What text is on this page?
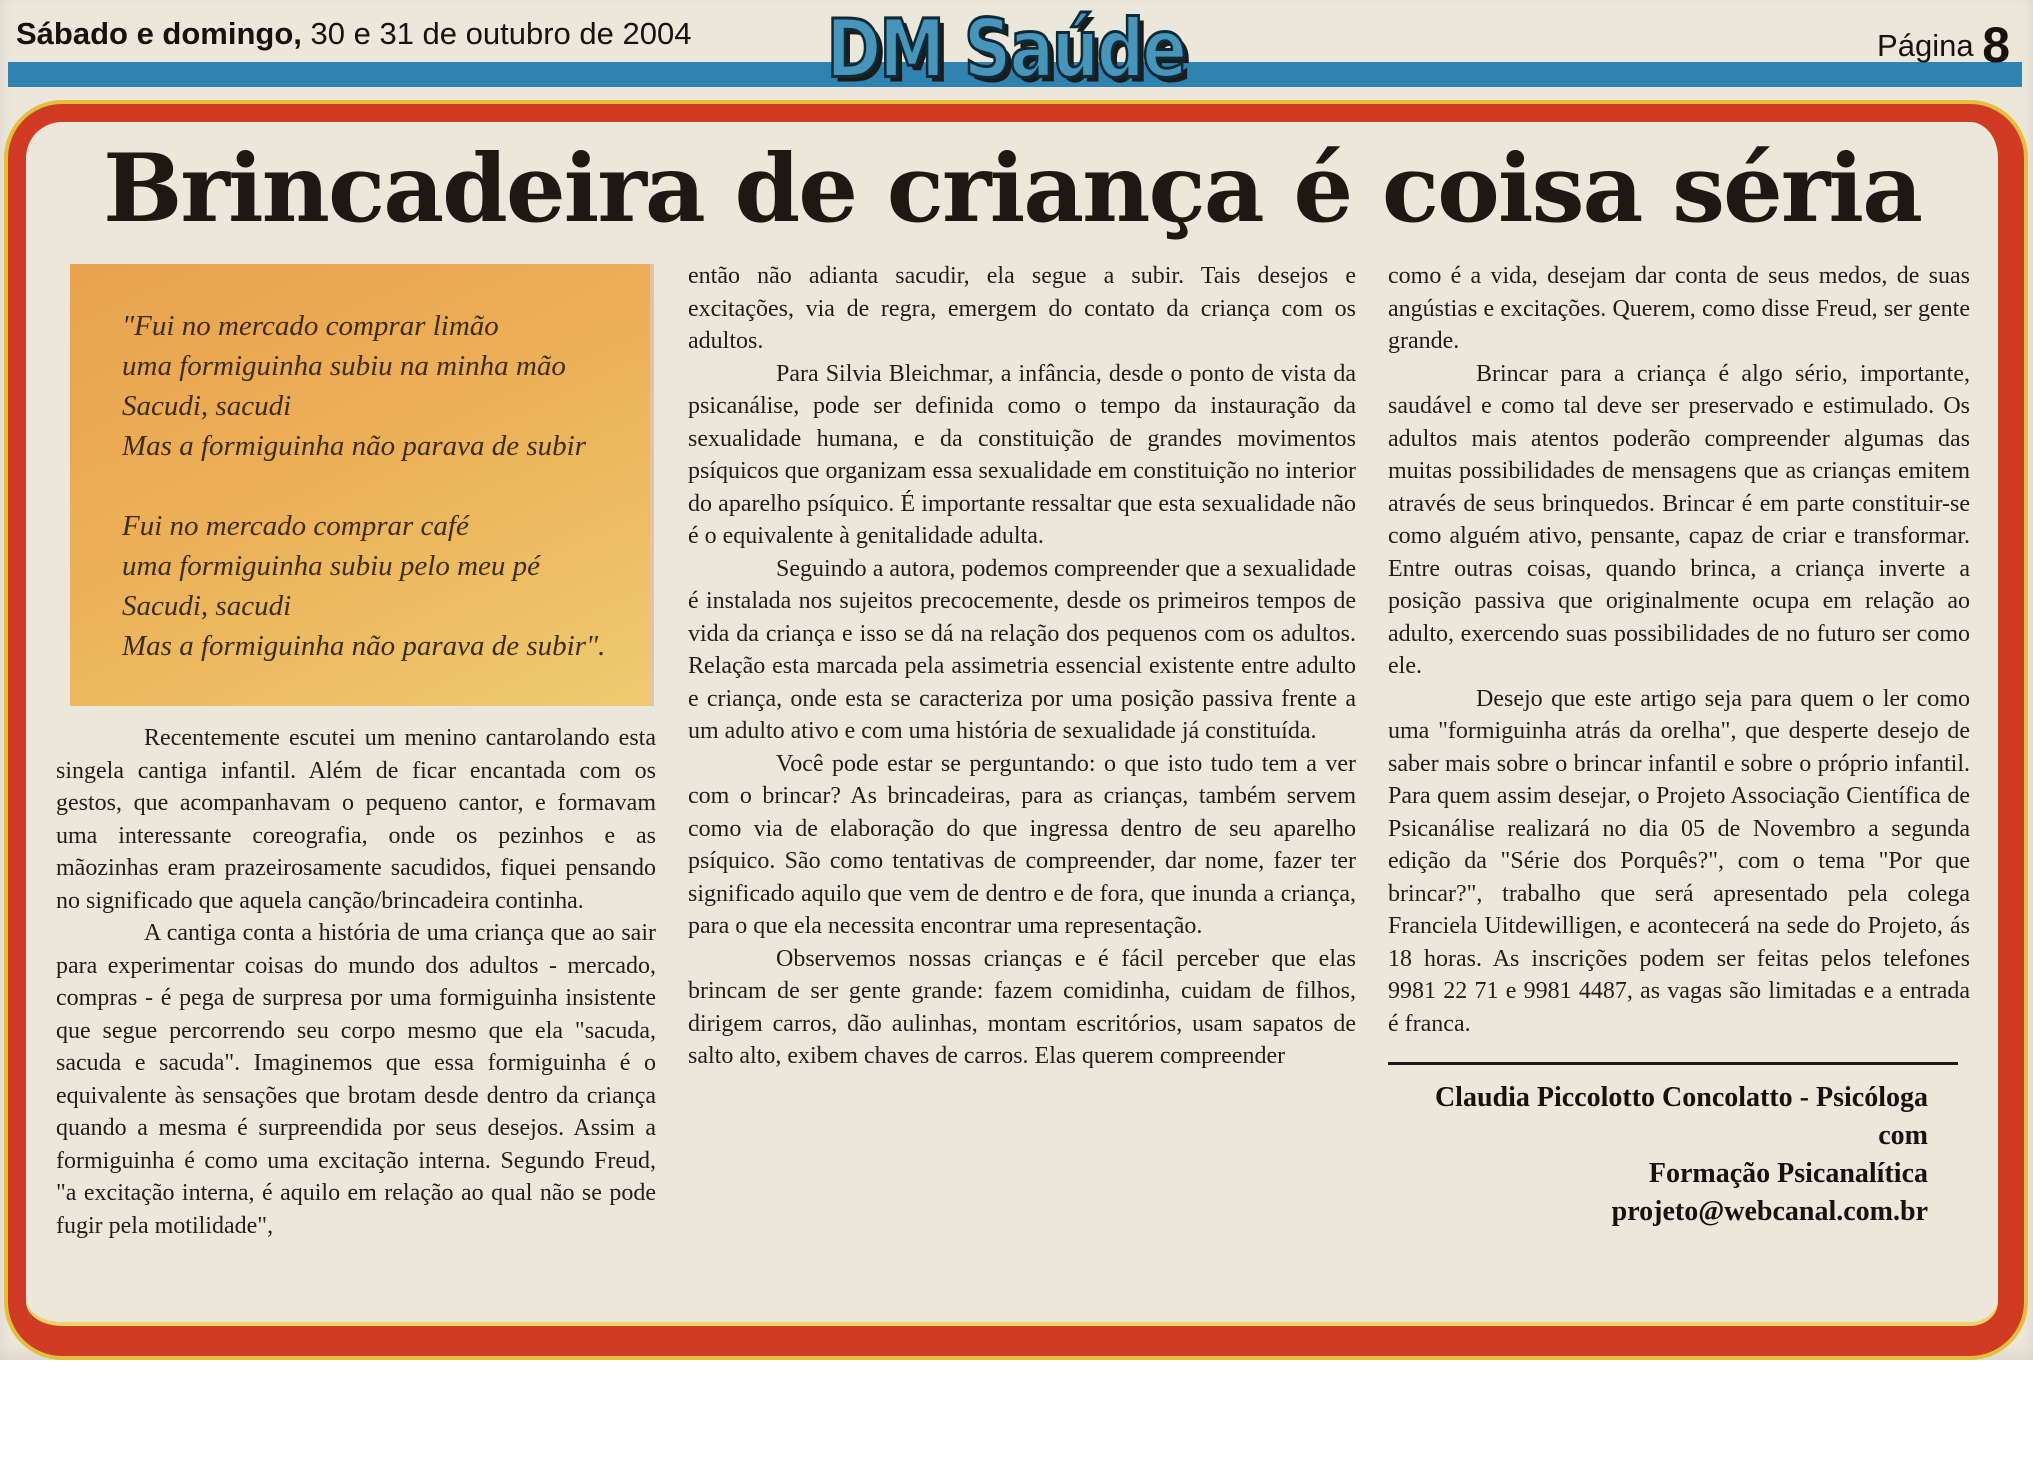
Sábado e domingo, 30 e 31 de outubro de 2004 DM Saúde	Página 8
Brincadeira de criança é coisa séria

"Fui no mercado comprar limão

uma formiguinha subiu na minha mão

Sacudi, sacudi

Mas a formiguinha não parava de subir

Fui no mercado comprar café

uma formiguinha subiu pelo meu pé

Sacudi, sacudi

Mas a formiguinha não parava de subir".

Recentemente escutei um menino cantarolando esta singela cantiga infantil. Além de ficar encantada com os gestos, que acompanhavam o pequeno cantor, e formavam uma interessante coreografia, onde os pezinhos e as mãozinhas eram prazeirosamente sacudidos, fiquei pensando no significado que aquela canção/brincadeira continha.

A cantiga conta a história de uma criança que ao sair para experimentar coisas do mundo dos adultos - mercado, compras - é pega de surpresa por uma formiguinha insistente que segue percorrendo seu corpo mesmo que ela "sacuda, sacuda e sacuda". Imaginemos que essa formiguinha é o equivalente às sensações que brotam desde dentro da criança quando a mesma é surpreendida por seus desejos. Assim a formiguinha é como uma excitação interna. Segundo Freud, "a excitação interna, é aquilo em relação ao qual não se pode fugir pela motilidade",

então não adianta sacudir, ela segue a subir. Tais desejos e excitações, via de regra, emergem do contato da criança com os adultos.

Para Silvia Bleichmar, a infância, desde o ponto de vista da psicanálise, pode ser definida como o tempo da instauração da sexualidade humana, e da constituição de grandes movimentos psíquicos que organizam essa sexualidade em constituição no interior do aparelho psíquico. É importante ressaltar que esta sexualidade não é o equivalente à genitalidade adulta.

Seguindo a autora, podemos compreender que a sexualidade é instalada nos sujeitos precocemente, desde os primeiros tempos de vida da criança e isso se dá na relação dos pequenos com os adultos. Relação esta marcada pela assimetria essencial existente entre adulto e criança, onde esta se caracteriza por uma posição passiva frente a um adulto ativo e com uma história de sexualidade já constituída.

Você pode estar se perguntando: o que isto tudo tem a ver com o brincar? As brincadeiras, para as crianças, também servem como via de elaboração do que ingressa dentro de seu aparelho psíquico. São como tentativas de compreender, dar nome, fazer ter significado aquilo que vem de dentro e de fora, que inunda a criança, para o que ela necessita encontrar uma representação.

Observemos nossas crianças e é fácil perceber que elas brincam de ser gente grande: fazem comidinha, cuidam de filhos, dirigem carros, dão aulinhas, montam escritórios, usam sapatos de salto alto, exibem chaves de carros. Elas querem compreender

como é a vida, desejam dar conta de seus medos, de suas angústias e excitações. Querem, como disse Freud, ser gente grande.

Brincar para a criança é algo sério, importante, saudável e como tal deve ser preservado e estimulado. Os adultos mais atentos poderão compreender algumas das muitas possibilidades de mensagens que as crianças emitem através de seus brinquedos. Brincar é em parte constituir-se como alguém ativo, pensante, capaz de criar e transformar. Entre outras coisas, quando brinca, a criança inverte a posição passiva que originalmente ocupa em relação ao adulto, exercendo suas possibilidades de no futuro ser como ele.

Desejo que este artigo seja para quem o ler como uma "formiguinha atrás da orelha", que desperte desejo de saber mais sobre o brincar infantil e sobre o próprio infantil. Para quem assim desejar, o Projeto Associação Científica de Psicanálise realizará no dia 05 de Novembro a segunda edição da "Série dos Porquês?", com o tema "Por que brincar?", trabalho que será apresentado pela colega Franciela Uitdewilligen, e acontecerá na sede do Projeto, ás 18 horas. As inscrições podem ser feitas pelos telefones 9981 22 71 e 9981 4487, as vagas são limitadas e a entrada é franca.

Claudia Piccolotto Concolatto - Psicóloga com

Formação Psicanalítica

projeto@webcanal.com.br
